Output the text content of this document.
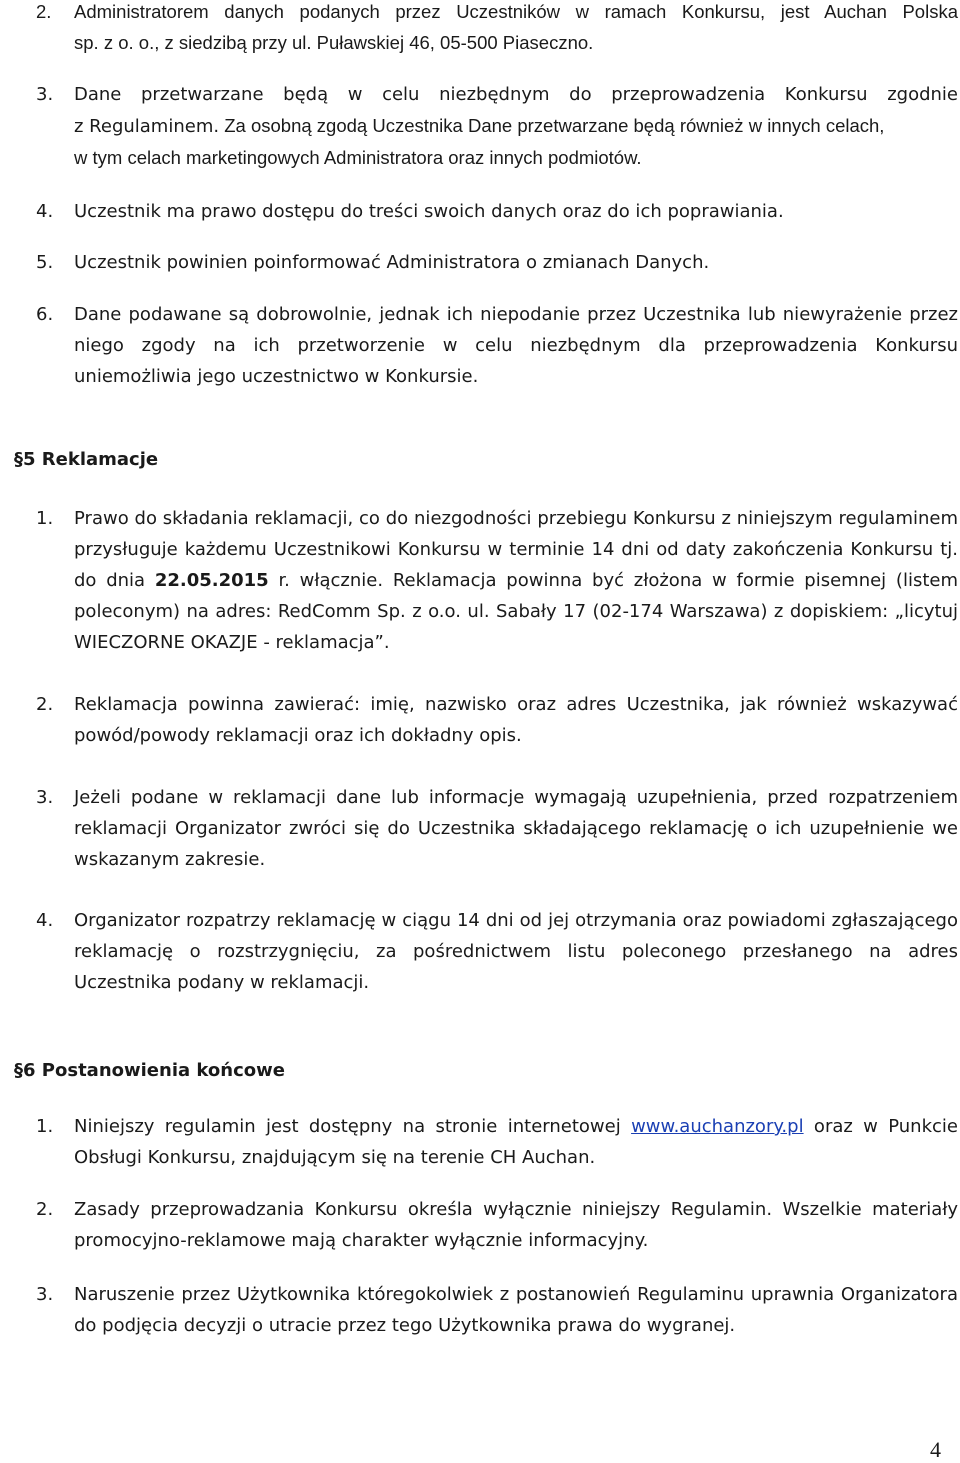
2.	Administratorem danych podanych przez Uczestników w ramach Konkursu, jest Auchan Polska
sp. z o. o., z siedzibą przy ul. Puławskiej 46, 05-500 Piaseczno.
3.	Dane przetwarzane będą w celu niezbędnym do przeprowadzenia Konkursu zgodnie
z Regulaminem. Za osobną zgodą Uczestnika Dane przetwarzane będą również w innych celach,
w tym celach marketingowych Administratora oraz innych podmiotów.
4.	Uczestnik ma prawo dostępu do treści swoich danych oraz do ich poprawiania.
5.	Uczestnik powinien poinformować Administratora o zmianach Danych.
6.	Dane podawane są dobrowolnie, jednak ich niepodanie przez Uczestnika lub niewyrażenie przez niego zgody na ich przetworzenie w celu niezbędnym dla przeprowadzenia Konkursu uniemożliwia jego uczestnictwo w Konkursie.
§5 Reklamacje
1.	Prawo do składania reklamacji, co do niezgodności przebiegu Konkursu z niniejszym regulaminem przysługuje każdemu Uczestnikowi Konkursu w terminie 14 dni od daty zakończenia Konkursu tj. do dnia 22.05.2015 r. włącznie. Reklamacja powinna być złożona w formie pisemnej (listem poleconym) na adres: RedComm Sp. z o.o. ul. Sabały 17 (02-174 Warszawa) z dopiskiem: „licytuj WIECZORNE OKAZJE - reklamacja”.
2.	Reklamacja powinna zawierać: imię, nazwisko oraz adres Uczestnika, jak również wskazywać powód/powody reklamacji oraz ich dokładny opis.
3.	Jeżeli podane w reklamacji dane lub informacje wymagają uzupełnienia, przed rozpatrzeniem reklamacji Organizator zwróci się do Uczestnika składającego reklamację o ich uzupełnienie we wskazanym zakresie.
4.	Organizator rozpatrzy reklamację w ciągu 14 dni od jej otrzymania oraz powiadomi zgłaszającego reklamację o rozstrzygnięciu, za pośrednictwem listu poleconego przesłanego na adres Uczestnika podany w reklamacji.
§6 Postanowienia końcowe
1.	Niniejszy regulamin jest dostępny na stronie internetowej www.auchanzory.pl oraz w Punkcie Obsługi Konkursu, znajdującym się na terenie CH Auchan.
2.	Zasady przeprowadzania Konkursu określa wyłącznie niniejszy Regulamin. Wszelkie materiały promocyjno-reklamowe mają charakter wyłącznie informacyjny.
3.	Naruszenie przez Użytkownika któregokolwiek z postanowień Regulaminu uprawnia Organizatora do podjęcia decyzji o utracie przez tego Użytkownika prawa do wygranej.
4
